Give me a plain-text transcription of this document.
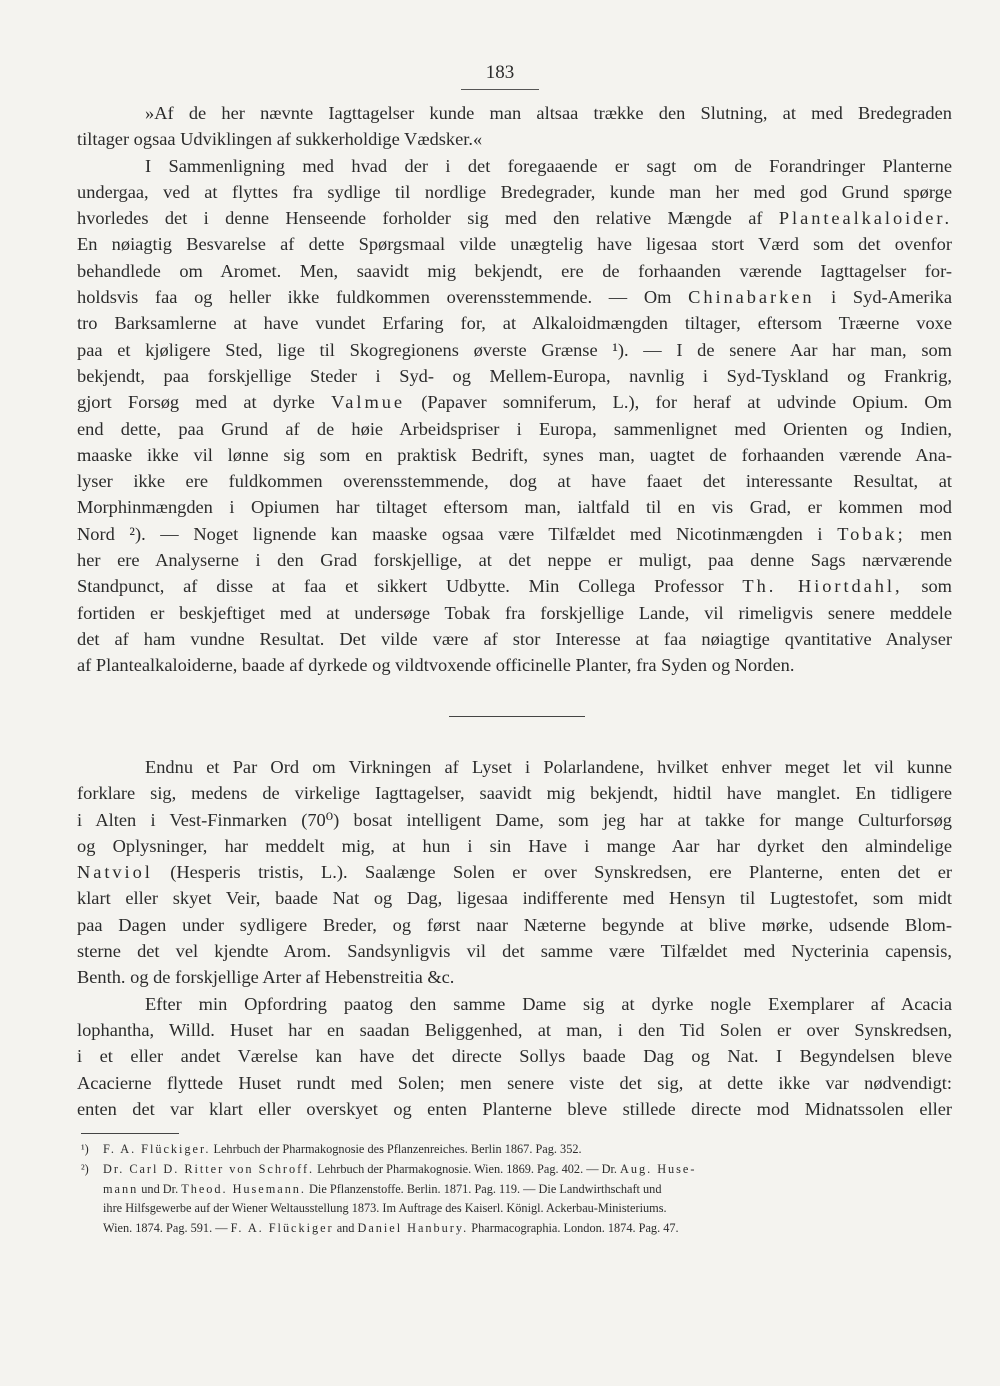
183
»Af de her nævnte Iagttagelser kunde man altsaa trække den Slutning, at med Bredegraden
tiltager ogsaa Udviklingen af sukkerholdige Vædsker.«
I Sammenligning med hvad der i det foregaaende er sagt om de Forandringer Planterne
undergaa, ved at flyttes fra sydlige til nordlige Bredegrader, kunde man her med god Grund spørge
hvorledes det i denne Henseende forholder sig med den relative Mængde af Plantealkaloider.
En nøiagtig Besvarelse af dette Spørgsmaal vilde unægtelig have ligesaa stort Værd som det ovenfor
behandlede om Aromet. Men, saavidt mig bekjendt, ere de forhaanden værende Iagttagelser for-
holdsvis faa og heller ikke fuldkommen overensstemmende. — Om Chinabarken i Syd-Amerika
tro Barksamlerne at have vundet Erfaring for, at Alkaloidmængden tiltager, eftersom Træerne voxe
paa et kjøligere Sted, lige til Skogregionens øverste Grænse ¹). — I de senere Aar har man, som
bekjendt, paa forskjellige Steder i Syd- og Mellem-Europa, navnlig i Syd-Tyskland og Frankrig,
gjort Forsøg med at dyrke Valmue (Papaver somniferum, L.), for heraf at udvinde Opium. Om
end dette, paa Grund af de høie Arbeidspriser i Europa, sammenlignet med Orienten og Indien,
maaske ikke vil lønne sig som en praktisk Bedrift, synes man, uagtet de forhaanden værende Ana-
lyser ikke ere fuldkommen overensstemmende, dog at have faaet det interessante Resultat, at
Morphinmængden i Opiumen har tiltaget eftersom man, ialtfald til en vis Grad, er kommen mod
Nord ²). — Noget lignende kan maaske ogsaa være Tilfældet med Nicotinmængden i Tobak; men
her ere Analyserne i den Grad forskjellige, at det neppe er muligt, paa denne Sags nærværende
Standpunct, af disse at faa et sikkert Udbytte. Min Collega Professor Th. Hiortdahl, som
fortiden er beskjeftiget med at undersøge Tobak fra forskjellige Lande, vil rimeligvis senere meddele
det af ham vundne Resultat. Det vilde være af stor Interesse at faa nøiagtige qvantitative Analyser
af Plantealkaloiderne, baade af dyrkede og vildtvoxende officinelle Planter, fra Syden og Norden.
Endnu et Par Ord om Virkningen af Lyset i Polarlandene, hvilket enhver meget let vil kunne
forklare sig, medens de virkelige Iagttagelser, saavidt mig bekjendt, hidtil have manglet. En tidligere
i Alten i Vest-Finmarken (70⁰) bosat intelligent Dame, som jeg har at takke for mange Culturforsøg
og Oplysninger, har meddelt mig, at hun i sin Have i mange Aar har dyrket den almindelige
Natviol (Hesperis tristis, L.). Saalænge Solen er over Synskredsen, ere Planterne, enten det er
klart eller skyet Veir, baade Nat og Dag, ligesaa indifferente med Hensyn til Lugtestofet, som midt
paa Dagen under sydligere Breder, og først naar Næterne begynde at blive mørke, udsende Blom-
sterne det vel kjendte Arom. Sandsynligvis vil det samme være Tilfældet med Nycterinia capensis,
Benth. og de forskjellige Arter af Hebenstreitia &c.
Efter min Opfordring paatog den samme Dame sig at dyrke nogle Exemplarer af Acacia
lophantha, Willd. Huset har en saadan Beliggenhed, at man, i den Tid Solen er over Synskredsen,
i et eller andet Værelse kan have det directe Sollys baade Dag og Nat. I Begyndelsen bleve
Acacierne flyttede Huset rundt med Solen; men senere viste det sig, at dette ikke var nødvendigt:
enten det var klart eller overskyet og enten Planterne bleve stillede directe mod Midnatssolen eller
¹) F. A. Flückiger. Lehrbuch der Pharmakognosie des Pflanzenreiches. Berlin 1867. Pag. 352.
²) Dr. Carl D. Ritter von Schroff. Lehrbuch der Pharmakognosie. Wien. 1869. Pag. 402. — Dr. Aug. Huse-
mann und Dr. Theod. Husemann. Die Pflanzenstoffe. Berlin. 1871. Pag. 119. — Die Landwirthschaft und
ihre Hilfsgewerbe auf der Wiener Weltausstellung 1873. Im Auftrage des Kaiserl. Königl. Ackerbau-Ministeriums.
Wien. 1874. Pag. 591. — F. A. Flückiger and Daniel Hanbury. Pharmacographia. London. 1874. Pag. 47.
